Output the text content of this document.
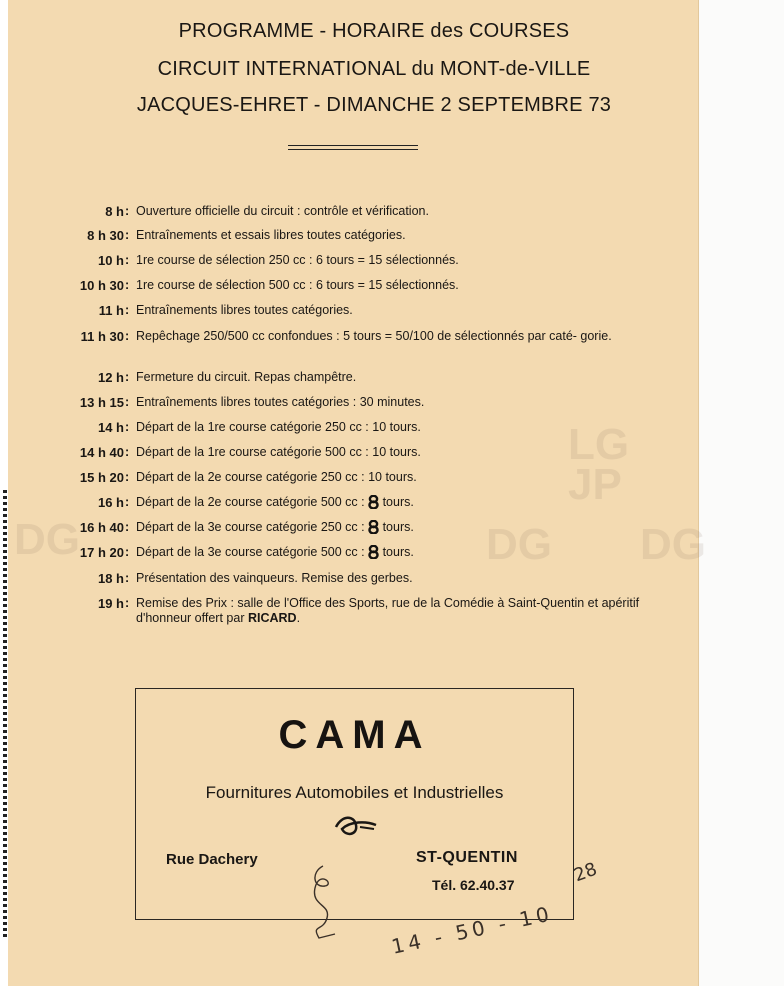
DG
LG
JP
DG DG
PROGRAMME - HORAIRE des COURSES
CIRCUIT INTERNATIONAL du MONT-de-VILLE
JACQUES-EHRET - DIMANCHE 2 SEPTEMBRE 73
8 h : Ouverture officielle du circuit : contrôle et vérification.
8 h 30 : Entraînements et essais libres toutes catégories.
10 h : 1re course de sélection 250 cc : 6 tours = 15 sélectionnés.
10 h 30 : 1re course de sélection 500 cc : 6 tours = 15 sélectionnés.
11 h : Entraînements libres toutes catégories.
11 h 30 : Repêchage 250/500 cc confondues : 5 tours = 50/100 de sélectionnés par caté- gorie.
12 h : Fermeture du circuit. Repas champêtre.
13 h 15 : Entraînements libres toutes catégories : 30 minutes.
14 h : Départ de la 1re course catégorie 250 cc : 10 tours.
14 h 40 : Départ de la 1re course catégorie 500 cc : 10 tours.
15 h 20 : Départ de la 2e course catégorie 250 cc : 10 tours.
16 h : Départ de la 2e course catégorie 500 cc : tours.
16 h 40 : Départ de la 3e course catégorie 250 cc : tours.
17 h 20 : Départ de la 3e course catégorie 500 cc : tours.
18 h : Présentation des vainqueurs. Remise des gerbes.
19 h : Remise des Prix : salle de l'Office des Sports, rue de la Comédie à Saint-Quentin et apéritif d'honneur offert par RICARD.
CAMA
Fournitures Automobiles et Industrielles
Rue Dachery	ST-QUENTIN
Tél. 62.40.37	28
14 - 50 - 10
